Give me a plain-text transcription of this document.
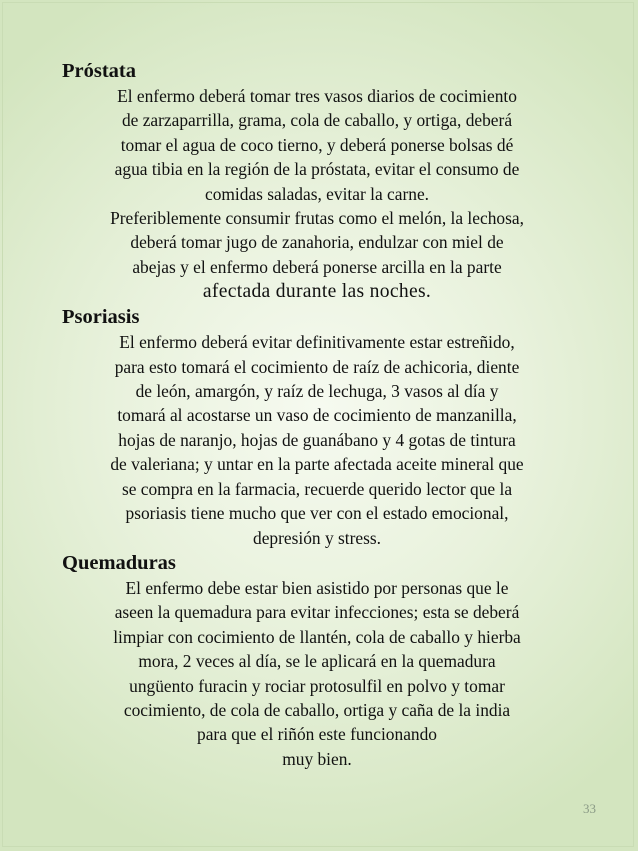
Próstata
El enfermo deberá tomar tres vasos diarios de cocimiento
de zarzaparrilla, grama, cola de caballo, y ortiga, deberá
tomar el agua de coco tierno, y deberá ponerse bolsas dé
agua tibia en la región de la próstata, evitar el consumo de
comidas saladas, evitar la carne.
Preferiblemente consumir frutas como el melón, la lechosa,
deberá tomar jugo de zanahoria, endulzar con miel de
abejas y el enfermo deberá ponerse arcilla en la parte
afectada durante las noches.
Psoriasis
El enfermo deberá evitar definitivamente estar estreñido,
para esto tomará el cocimiento de raíz de achicoria, diente
de león, amargón, y raíz de lechuga, 3 vasos al día y
tomará al acostarse un vaso de cocimiento de manzanilla,
hojas de naranjo, hojas de guanábano y 4 gotas de tintura
de valeriana; y untar en la parte afectada aceite mineral que
se compra en la farmacia, recuerde querido lector que la
psoriasis tiene mucho que ver con el estado emocional,
depresión y stress.
Quemaduras
El enfermo debe estar bien asistido por personas que le
aseen la quemadura para evitar infecciones; esta se deberá
limpiar con cocimiento de llantén, cola de caballo y hierba
mora, 2 veces al día, se le aplicará en la quemadura
ungüento furacin y rociar protosulfil en polvo y tomar
cocimiento, de cola de caballo, ortiga y caña de la india
para que el riñón este funcionando
muy bien.
33
